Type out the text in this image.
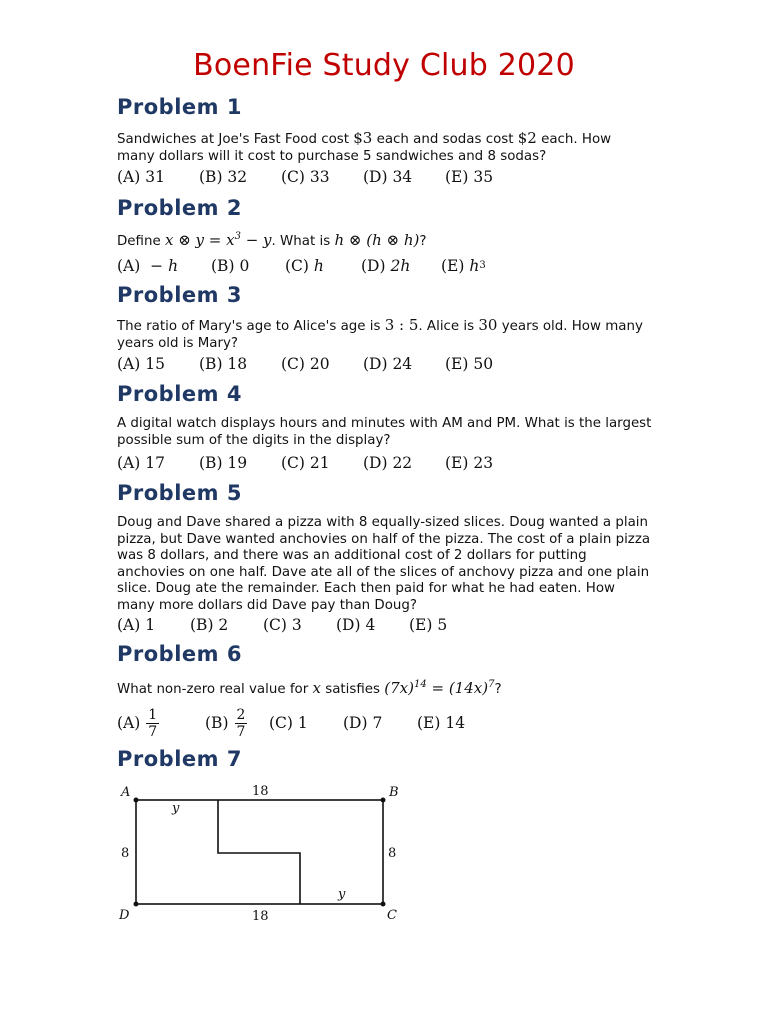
BoenFie Study Club 2020
Problem 1
Sandwiches at Joe's Fast Food cost $3 each and sodas cost $2 each. How many dollars will it cost to purchase 5 sandwiches and 8 sodas?
(A) 31	(B) 32	(C) 33	(D) 34	(E) 35
Problem 2
Define x ⊗ $y = x^3 - y$. What is h ⊗ (h ⊗ h)?
(A)
− h (B)
0 (C)
h (D)
2h (E)
h 3
Problem 3
The ratio of Mary's age to Alice's age is 3 : 5. Alice is 30 years old. How many years old is Mary?
(A) 15	(B) 18	(C) 20	(D) 24	(E) 50
Problem 4
A digital watch displays hours and minutes with AM and PM. What is the largest possible sum of the digits in the display?
(A) 17	(B) 19	(C) 21	(D) 22	(E) 23
Problem 5
Doug and Dave shared a pizza with 8 equally-sized slices. Doug wanted a plain pizza, but Dave wanted anchovies on half of the pizza. The cost of a plain pizza was 8 dollars, and there was an additional cost of 2 dollars for putting anchovies on one half. Dave ate all of the slices of anchovy pizza and one plain slice. Doug ate the remainder. Each then paid for what he had eaten. How many more dollars did Dave pay than Doug?
(A) 1	(B) 2	(C) 3	(D) 4	(E) 5
Problem 6
What non-zero real value for x satisfies $(7x)^{14} = (14x)^7$?
$(A) \frac{1}{7}$	$(B) \frac{2}{7} (C)$
1 (D)
7 (E)
14
Problem 7
A	B
C
D
18
18
8	8
y
y
